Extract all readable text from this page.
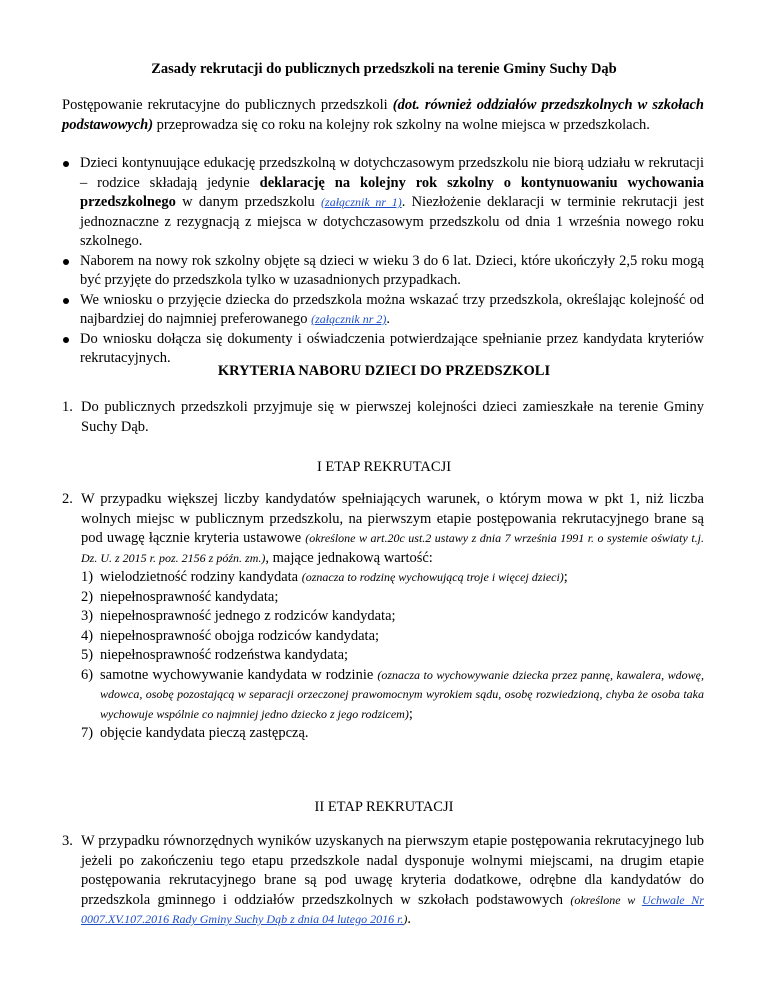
Zasady rekrutacji do publicznych przedszkoli na terenie Gminy Suchy Dąb
Postępowanie rekrutacyjne do publicznych przedszkoli (dot. również oddziałów przedszkolnych w szkołach podstawowych) przeprowadza się co roku na kolejny rok szkolny na wolne miejsca w przedszkolach.
Dzieci kontynuujące edukację przedszkolną w dotychczasowym przedszkolu nie biorą udziału w rekrutacji – rodzice składają jedynie deklarację na kolejny rok szkolny o kontynuowaniu wychowania przedszkolnego w danym przedszkolu (załącznik nr 1). Niezłożenie deklaracji w terminie rekrutacji jest jednoznaczne z rezygnacją z miejsca w dotychczasowym przedszkolu od dnia 1 września nowego roku szkolnego.
Naborem na nowy rok szkolny objęte są dzieci w wieku 3 do 6 lat. Dzieci, które ukończyły 2,5 roku mogą być przyjęte do przedszkola tylko w uzasadnionych przypadkach.
We wniosku o przyjęcie dziecka do przedszkola można wskazać trzy przedszkola, określając kolejność od najbardziej do najmniej preferowanego (załącznik nr 2).
Do wniosku dołącza się dokumenty i oświadczenia potwierdzające spełnianie przez kandydata kryteriów rekrutacyjnych.
KRYTERIA NABORU DZIECI DO PRZEDSZKOLI
1. Do publicznych przedszkoli przyjmuje się w pierwszej kolejności dzieci zamieszkałe na terenie Gminy Suchy Dąb.
I ETAP REKRUTACJI
2. W przypadku większej liczby kandydatów spełniających warunek, o którym mowa w pkt 1, niż liczba wolnych miejsc w publicznym przedszkolu, na pierwszym etapie postępowania rekrutacyjnego brane są pod uwagę łącznie kryteria ustawowe (określone w art.20c ust.2 ustawy z dnia 7 września 1991 r. o systemie oświaty t.j. Dz. U. z 2015 r. poz. 2156 z późn. zm.), mające jednakową wartość:
1) wielodzietność rodziny kandydata (oznacza to rodzinę wychowującą troje i więcej dzieci);
2) niepełnosprawność kandydata;
3) niepełnosprawność jednego z rodziców kandydata;
4) niepełnosprawność obojga rodziców kandydata;
5) niepełnosprawność rodzeństwa kandydata;
6) samotne wychowywanie kandydata w rodzinie (oznacza to wychowywanie dziecka przez pannę, kawalera, wdowę, wdowca, osobę pozostającą w separacji orzeczonej prawomocnym wyrokiem sądu, osobę rozwiedzioną, chyba że osoba taka wychowuje wspólnie co najmniej jedno dziecko z jego rodzicem);
7) objęcie kandydata pieczą zastępczą.
II ETAP REKRUTACJI
3. W przypadku równorzędnych wyników uzyskanych na pierwszym etapie postępowania rekrutacyjnego lub jeżeli po zakończeniu tego etapu przedszkole nadal dysponuje wolnymi miejscami, na drugim etapie postępowania rekrutacyjnego brane są pod uwagę kryteria dodatkowe, odrębne dla kandydatów do przedszkola gminnego i oddziałów przedszkolnych w szkołach podstawowych (określone w Uchwale Nr 0007.XV.107.2016 Rady Gminy Suchy Dąb z dnia 04 lutego 2016 r.).
